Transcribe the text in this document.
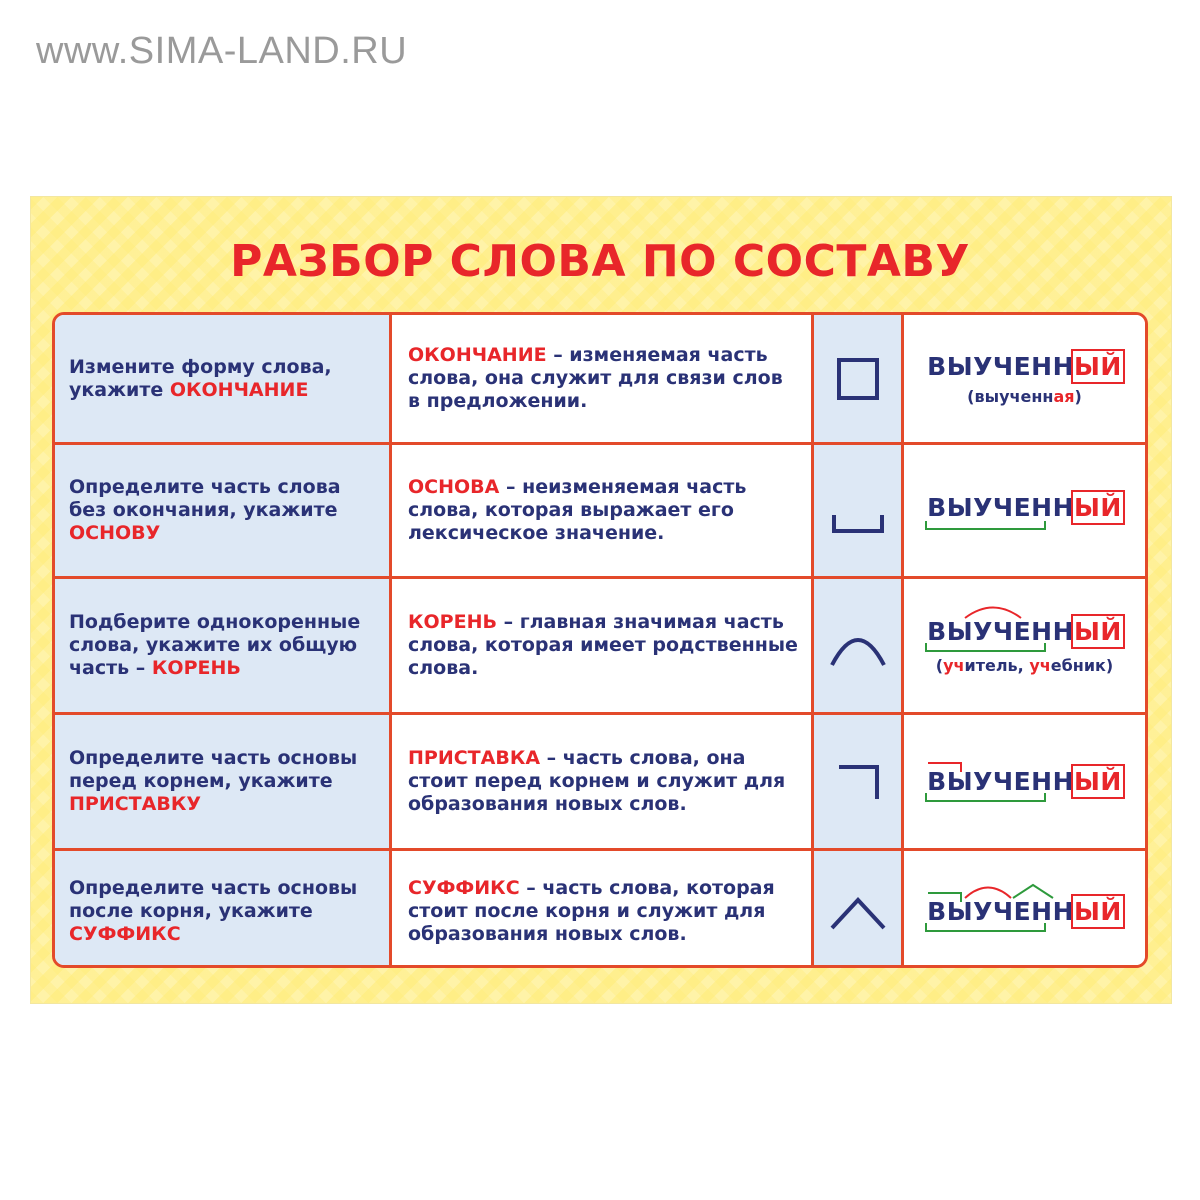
www.SIMA-LAND.RU
РАЗБОР СЛОВА ПО СОСТАВУ
Измените форму слова, укажите ОКОНЧАНИЕ
ОКОНЧАНИЕ – изменяемая часть слова, она служит для связи слов в предложении.
ВЫУЧЕННЫЙ
(выученная)
Определите часть слова без окончания, укажите ОСНОВУ
ОСНОВА – неизменяемая часть слова, которая выражает его лексическое значение.
ВЫУЧЕННЫЙ
Подберите однокоренные слова, укажите их общую часть – КОРЕНЬ
КОРЕНЬ – главная значимая часть слова, которая имеет родственные слова.
ВЫУЧЕННЫЙ
(учитель, учебник)
Определите часть основы перед корнем, укажите ПРИСТАВКУ
ПРИСТАВКА – часть слова, она стоит перед корнем и служит для образования новых слов.
ВЫУЧЕННЫЙ
Определите часть основы после корня, укажите СУФФИКС
СУФФИКС – часть слова, которая стоит после корня и служит для образования новых слов.
ВЫУЧЕННЫЙ
